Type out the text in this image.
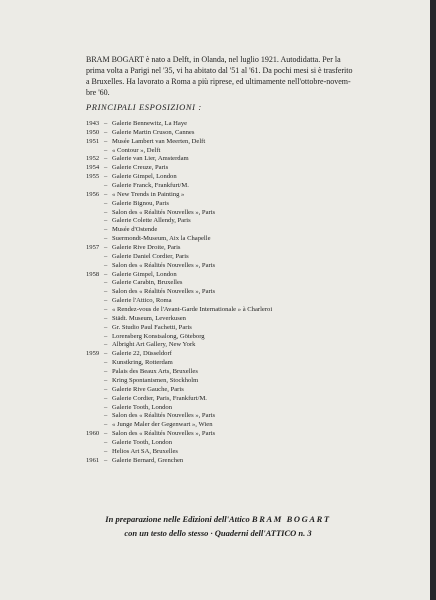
BRAM BOGART è nato a Delft, in Olanda, nel luglio 1921. Autodidatta. Per la
prima volta a Parigi nel '35, vi ha abitato dal '51 al '61. Da pochi mesi si è trasferito
a Bruxelles. Ha lavorato a Roma a più riprese, ed ultimamente nell'ottobre-novem-
bre '60.

PRINCIPALI ESPOSIZIONI :
1943 – Galerie Bennewitz, La Haye
1950 – Galerie Martin Cruson, Cannes
1951 – Musée Lambert van Meerten, Delft
– « Contour », Delft
1952 – Galerie van Lier, Amsterdam
1954 – Galerie Creuze, Paris
1955 – Galerie Gimpel, London
– Galerie Franck, Frankfurt/M.
1956 – « New Trends in Painting »
– Galerie Bignou, Paris
– Salon des « Réalités Nouvelles », Paris
– Galerie Colette Allendy, Paris
– Musée d'Ostende
– Suermondt-Museum, Aix la Chapelle
1957 – Galerie Rive Droite, Paris
– Galerie Daniel Cordier, Paris
– Salon des « Réalités Nouvelles », Paris
1958 – Galerie Gimpel, London
– Galerie Carabin, Bruxelles
– Salon des « Réalités Nouvelles », Paris
– Galerie l'Attico, Roma
– « Rendez-vous de l'Avant-Garde Internationale » à Charleroi
– Städt. Museum, Leverkusen
– Gr. Studio Paul Fachetti, Paris
– Lorensberg Konstsalong, Göteborg
– Albright Art Gallery, New York
1959 – Galerie 22, Düsseldorf
– Kunstkring, Rotterdam
– Palais des Beaux Arts, Bruxelles
– Kring Spontanismen, Stockholm
– Galerie Rive Gauche, Paris
– Galerie Cordier, Paris, Frankfurt/M.
– Galerie Tooth, London
– Salon des « Réalités Nouvelles », Paris
– « Junge Maler der Gegenwart », Wien
1960 – Salon des « Réalités Nouvelles », Paris
– Galerie Tooth, London
– Helios Art SA, Bruxelles
1961 – Galerie Bernard, Grenchen
In preparazione nelle Edizioni dell'Attico BRAM BOGART
con un testo dello stesso · Quaderni dell'ATTICO n. 3
